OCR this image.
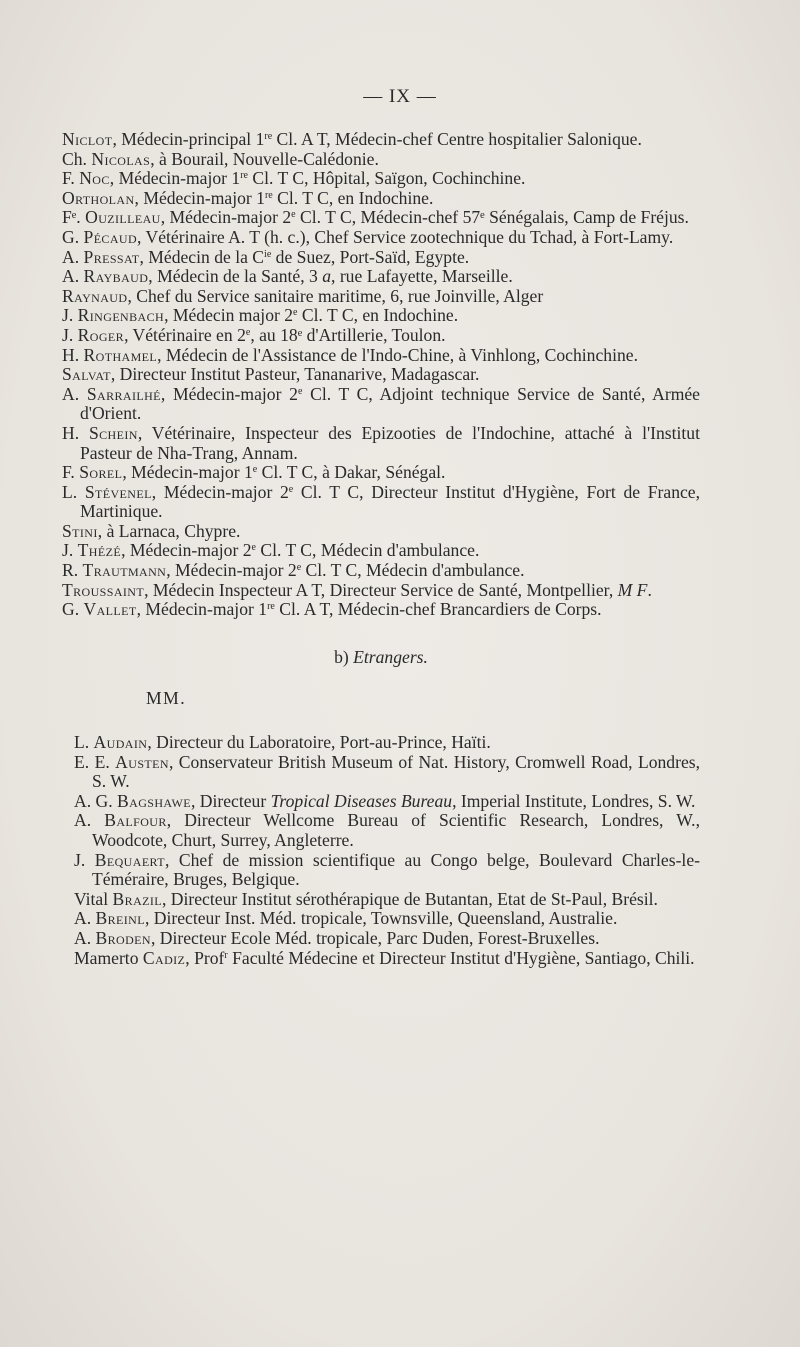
— IX —
Niclot, Médecin-principal 1re Cl. A T, Médecin-chef Centre hospitalier Salonique.
Ch. Nicolas, à Bourail, Nouvelle-Calédonie.
F. Noc, Médecin-major 1re Cl. T C, Hôpital, Saïgon, Cochinchine.
Ortholan, Médecin-major 1re Cl. T C, en Indochine.
Fᵉ. Ouzilleau, Médecin-major 2e Cl. T C, Médecin-chef 57ᵉ Sénégalais, Camp de Fréjus.
G. Pécaud, Vétérinaire A. T (h. c.), Chef Service zootechnique du Tchad, à Fort-Lamy.
A. Pressat, Médecin de la $C^{ie}$ de Suez, Port-Saïd, Egypte.
A. Raybaud, Médecin de la Santé, 3 a, rue Lafayette, Marseille.
Raynaud, Chef du Service sanitaire maritime, 6, rue Joinville, Alger
J. Ringenbach, Médecin major 2e Cl. T C, en Indochine.
J. Roger, Vétérinaire en 2e, au 18ᵉ d'Artillerie, Toulon.
H. Rothamel, Médecin de l'Assistance de l'Indo-Chine, à Vinhlong, Cochinchine.
Salvat, Directeur Institut Pasteur, Tananarive, Madagascar.
A. Sarrailhé, Médecin-major 2e Cl. T C, Adjoint technique Service de Santé, Armée d'Orient.
H. Schein, Vétérinaire, Inspecteur des Epizooties de l'Indochine, attaché à l'Institut Pasteur de Nha-Trang, Annam.
F. Sorel, Médecin-major 1e Cl. T C, à Dakar, Sénégal.
L. Stévenel, Médecin-major 2e Cl. T C, Directeur Institut d'Hygiène, Fort de France, Martinique.
Stini, à Larnaca, Chypre.
J. Thézé, Médecin-major 2e Cl. T C, Médecin d'ambulance.
R. Trautmann, Médecin-major 2e Cl. T C, Médecin d'ambulance.
Troussaint, Médecin Inspecteur A T, Directeur Service de Santé, Montpellier, M F.
G. Vallet, Médecin-major 1re Cl. A T, Médecin-chef Brancardiers de Corps.
b) Etrangers.
MM.
L. Audain, Directeur du Laboratoire, Port-au-Prince, Haïti.
E. E. Austen, Conservateur British Museum of Nat. History, Cromwell Road, Londres, S. W.
A. G. Bagshawe, Directeur Tropical Diseases Bureau, Imperial Institute, Londres, S. W.
A. Balfour, Directeur Wellcome Bureau of Scientific Research, Londres, W., Woodcote, Churt, Surrey, Angleterre.
J. Bequaert, Chef de mission scientifique au Congo belge, Boulevard Charles-le-Téméraire, Bruges, Belgique.
Vital Brazil, Directeur Institut sérothérapique de Butantan, Etat de St-Paul, Brésil.
A. Breinl, Directeur Inst. Méd. tropicale, Townsville, Queensland, Australie.
A. Broden, Directeur Ecole Méd. tropicale, Parc Duden, Forest-Bruxelles.
Mamerto Cadiz, Prof$^r$ Faculté Médecine et Directeur Institut d'Hygiène, Santiago, Chili.
